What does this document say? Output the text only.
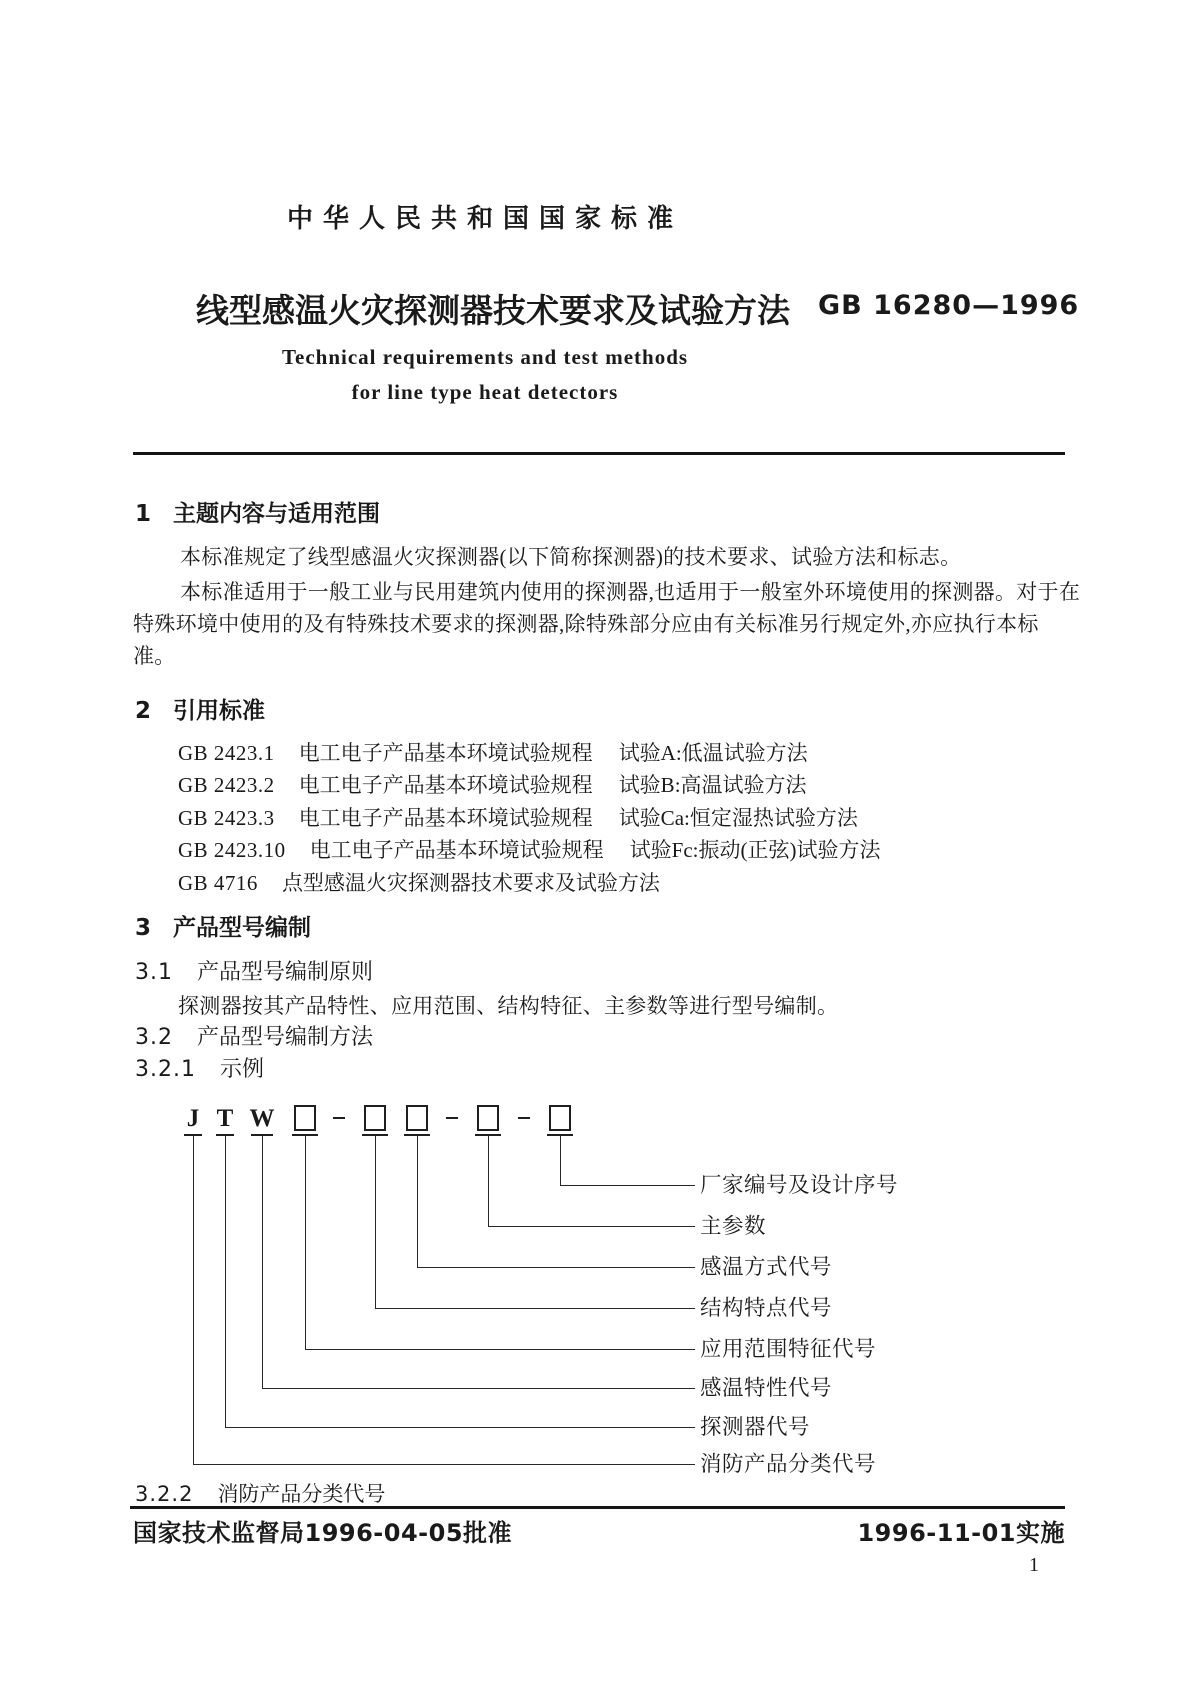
中华人民共和国国家标准
线型感温火灾探测器技术要求及试验方法 GB 16280—1996
Technical requirements and test methods
for line type heat detectors
1 主题内容与适用范围
本标准规定了线型感温火灾探测器(以下简称探测器)的技术要求、试验方法和标志。
本标准适用于一般工业与民用建筑内使用的探测器,也适用于一般室外环境使用的探测器。对于在
特殊环境中使用的及有特殊技术要求的探测器,除特殊部分应由有关标准另行规定外,亦应执行本标
准。
2 引用标准
GB 2423.1 电工电子产品基本环境试验规程 试验A:低温试验方法
GB 2423.2 电工电子产品基本环境试验规程 试验B:高温试验方法
GB 2423.3 电工电子产品基本环境试验规程 试验Ca:恒定湿热试验方法
GB 2423.10 电工电子产品基本环境试验规程 试验Fc:振动(正弦)试验方法
GB 4716 点型感温火灾探测器技术要求及试验方法
3 产品型号编制
3.1 产品型号编制原则
探测器按其产品特性、应用范围、结构特征、主参数等进行型号编制。
3.2 产品型号编制方法
3.2.1 示例
J T W
厂家编号及设计序号
主参数
感温方式代号
结构特点代号
应用范围特征代号
感温特性代号
探测器代号
消防产品分类代号
3.2.2 消防产品分类代号
国家技术监督局1996-04-05批准	1996-11-01实施
1
